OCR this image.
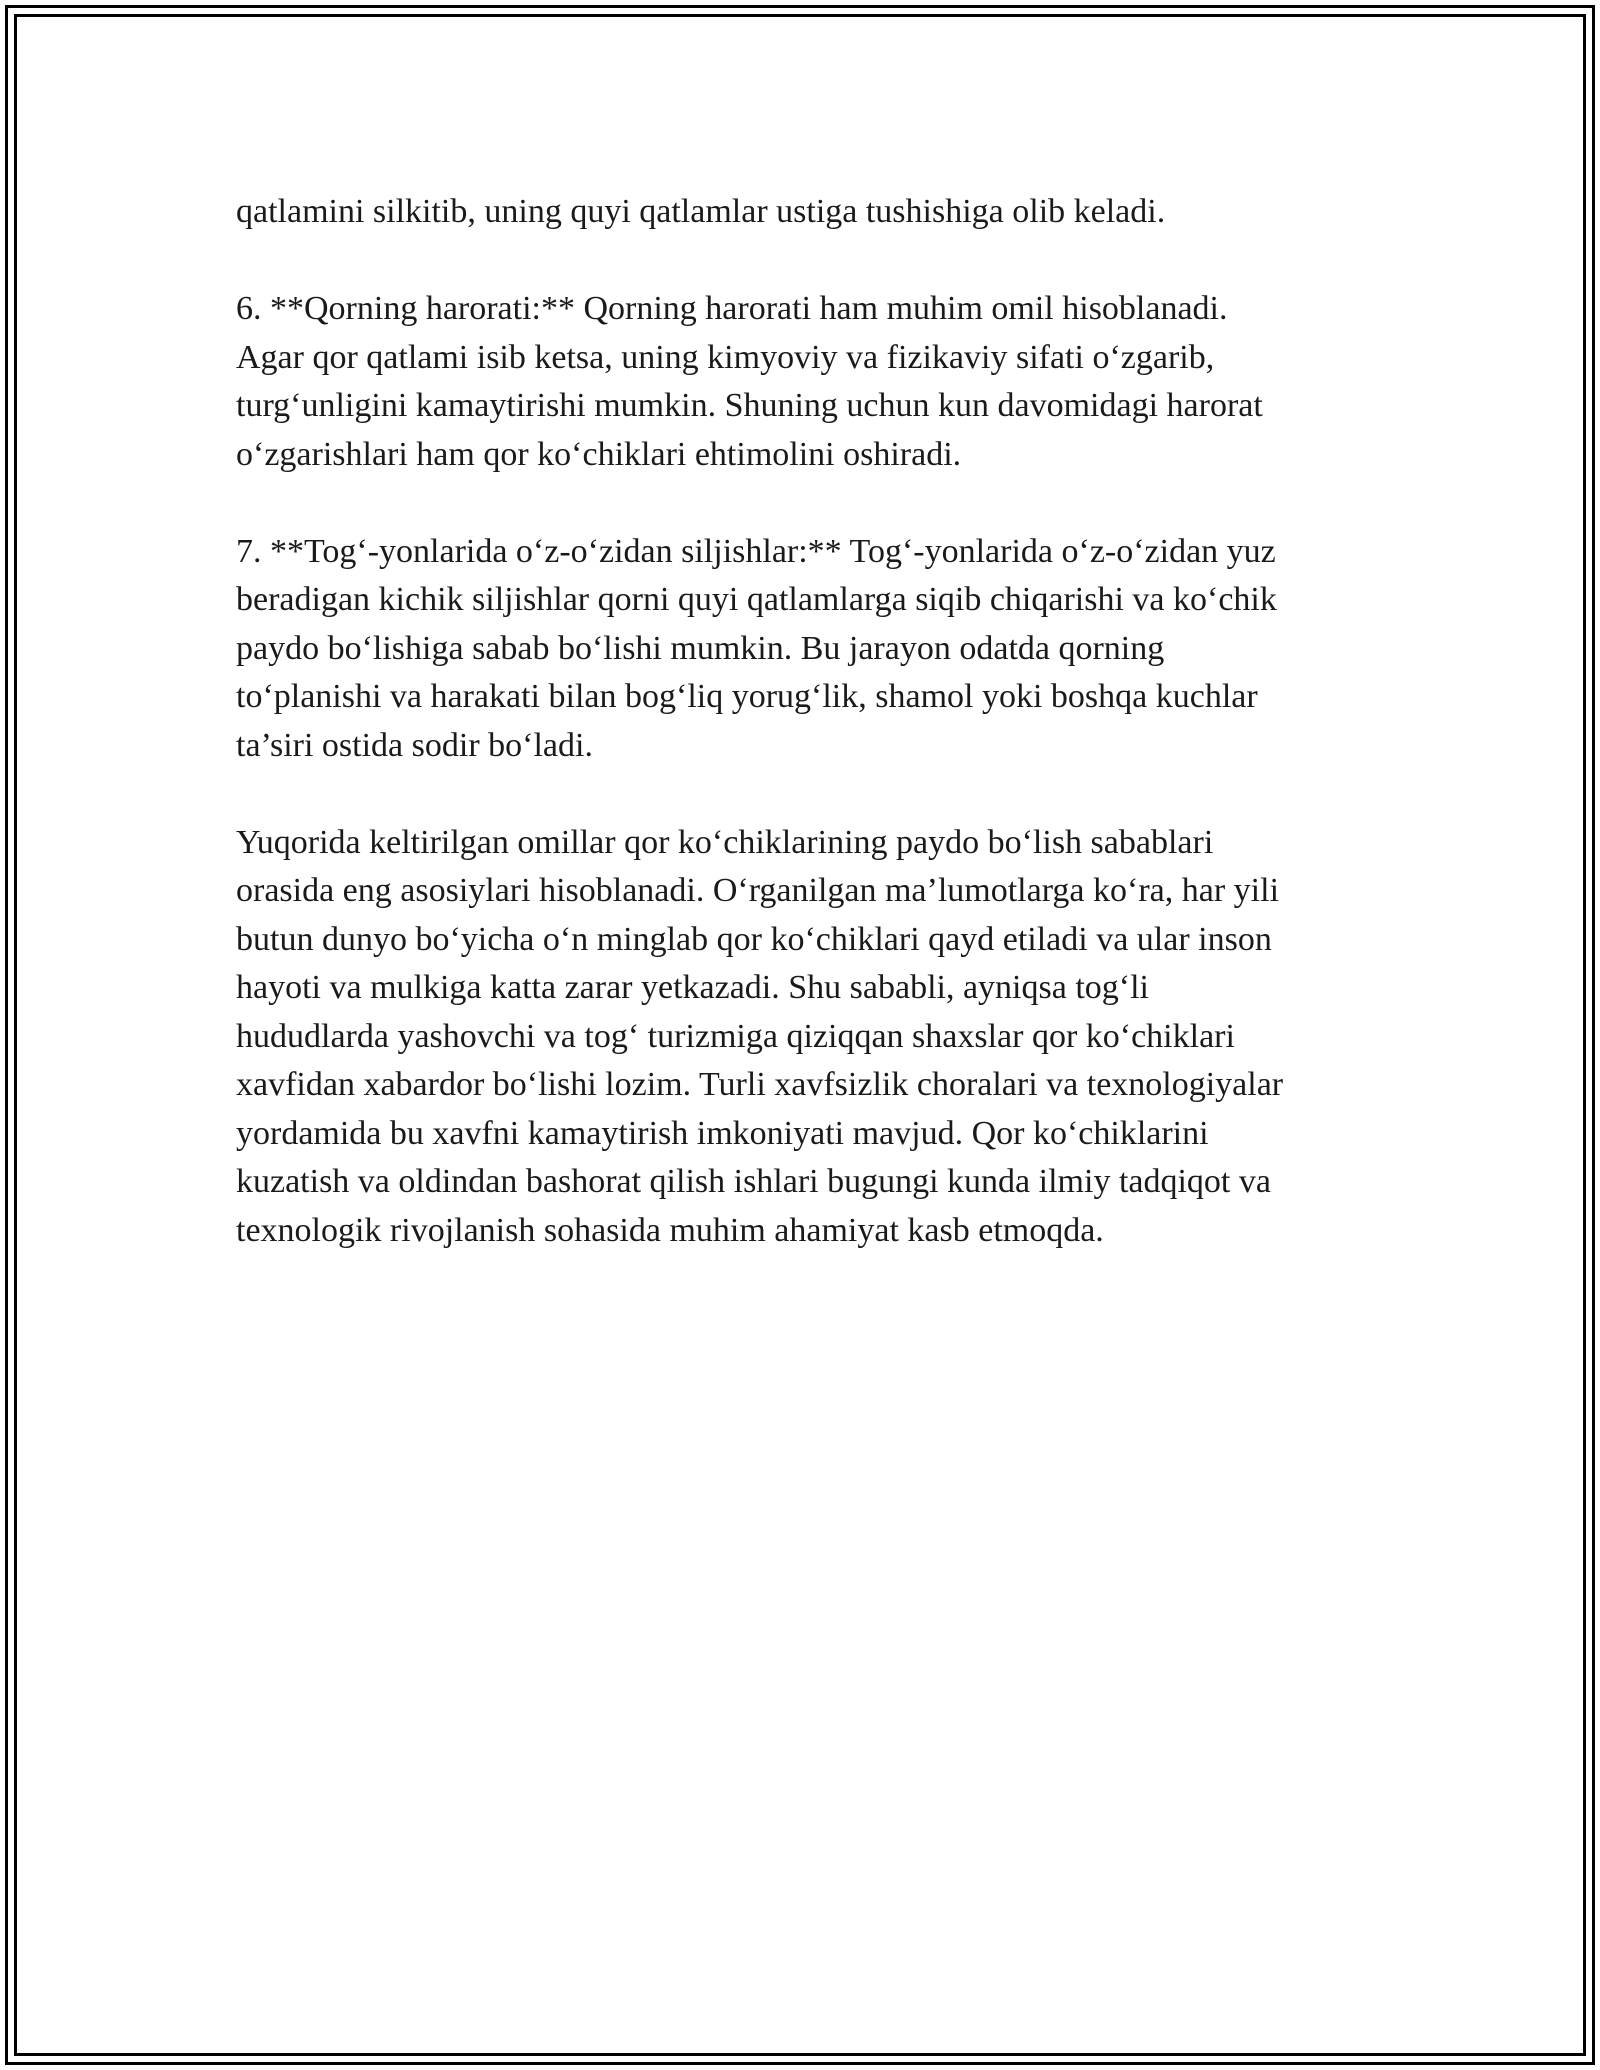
qatlamini silkitib, uning quyi qatlamlar ustiga tushishiga olib keladi.

6. **Qorning harorati:** Qorning harorati ham muhim omil hisoblanadi.
Agar qor qatlami isib ketsa, uning kimyoviy va fizikaviy sifati o‘zgarib,
turg‘unligini kamaytirishi mumkin. Shuning uchun kun davomidagi harorat
o‘zgarishlari ham qor ko‘chiklari ehtimolini oshiradi.

7. **Tog‘-yonlarida o‘z-o‘zidan siljishlar:** Tog‘-yonlarida o‘z-o‘zidan yuz
beradigan kichik siljishlar qorni quyi qatlamlarga siqib chiqarishi va ko‘chik
paydo bo‘lishiga sabab bo‘lishi mumkin. Bu jarayon odatda qorning
to‘planishi va harakati bilan bog‘liq yorug‘lik, shamol yoki boshqa kuchlar
ta’siri ostida sodir bo‘ladi.

Yuqorida keltirilgan omillar qor ko‘chiklarining paydo bo‘lish sabablari
orasida eng asosiylari hisoblanadi. O‘rganilgan ma’lumotlarga ko‘ra, har yili
butun dunyo bo‘yicha o‘n minglab qor ko‘chiklari qayd etiladi va ular inson
hayoti va mulkiga katta zarar yetkazadi. Shu sababli, ayniqsa tog‘li
hududlarda yashovchi va tog‘ turizmiga qiziqqan shaxslar qor ko‘chiklari
xavfidan xabardor bo‘lishi lozim. Turli xavfsizlik choralari va texnologiyalar
yordamida bu xavfni kamaytirish imkoniyati mavjud. Qor ko‘chiklarini
kuzatish va oldindan bashorat qilish ishlari bugungi kunda ilmiy tadqiqot va
texnologik rivojlanish sohasida muhim ahamiyat kasb etmoqda.
